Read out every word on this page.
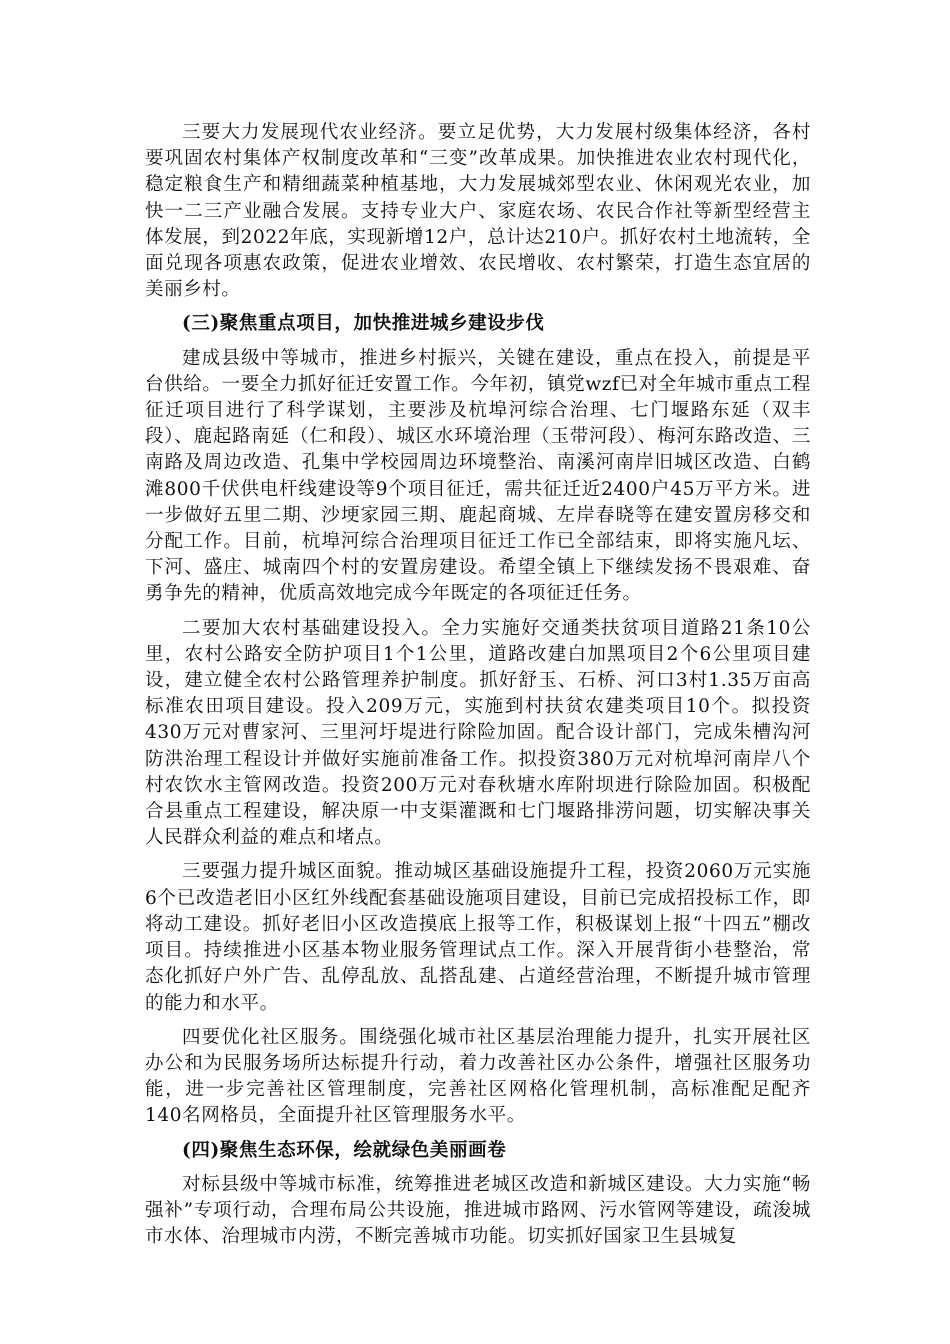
三要大力发展现代农业经济。要立足优势，大力发展村级集体经济，各村要巩固农村集体产权制度改革和“三变”改革成果。加快推进农业农村现代化，稳定粮食生产和精细蔬菜种植基地，大力发展城郊型农业、休闲观光农业，加快一二三产业融合发展。支持专业大户、家庭农场、农民合作社等新型经营主体发展，到2022年底，实现新增12户，总计达210户。抓好农村土地流转，全面兑现各项惠农政策，促进农业增效、农民增收、农村繁荣，打造生态宜居的美丽乡村。

(三)聚焦重点项目，加快推进城乡建设步伐

建成县级中等城市，推进乡村振兴，关键在建设，重点在投入，前提是平台供给。一要全力抓好征迁安置工作。今年初，镇党wzf已对全年城市重点工程征迁项目进行了科学谋划，主要涉及杭埠河综合治理、七门堰路东延（双丰段）、鹿起路南延（仁和段）、城区水环境治理（玉带河段）、梅河东路改造、三南路及周边改造、孔集中学校园周边环境整治、南溪河南岸旧城区改造、白鹤滩800千伏供电杆线建设等9个项目征迁，需共征迁近2400户45万平方米。进一步做好五里二期、沙埂家园三期、鹿起商城、左岸春晓等在建安置房移交和分配工作。目前，杭埠河综合治理项目征迁工作已全部结束，即将实施凡坛、下河、盛庄、城南四个村的安置房建设。希望全镇上下继续发扬不畏艰难、奋勇争先的精神，优质高效地完成今年既定的各项征迁任务。

二要加大农村基础建设投入。全力实施好交通类扶贫项目道路21条10公里，农村公路安全防护项目1个1公里，道路改建白加黑项目2个6公里项目建设，建立健全农村公路管理养护制度。抓好舒玉、石桥、河口3村1.35万亩高标准农田项目建设。投入209万元，实施到村扶贫农建类项目10个。拟投资430万元对曹家河、三里河圩堤进行除险加固。配合设计部门，完成朱槽沟河防洪治理工程设计并做好实施前准备工作。拟投资380万元对杭埠河南岸八个村农饮水主管网改造。投资200万元对春秋塘水库附坝进行除险加固。积极配合县重点工程建设，解决原一中支渠灌溉和七门堰路排涝问题，切实解决事关人民群众利益的难点和堵点。

三要强力提升城区面貌。推动城区基础设施提升工程，投资2060万元实施6个已改造老旧小区红外线配套基础设施项目建设，目前已完成招投标工作，即将动工建设。抓好老旧小区改造摸底上报等工作，积极谋划上报“十四五”棚改项目。持续推进小区基本物业服务管理试点工作。深入开展背街小巷整治，常态化抓好户外广告、乱停乱放、乱搭乱建、占道经营治理，不断提升城市管理的能力和水平。

四要优化社区服务。围绕强化城市社区基层治理能力提升，扎实开展社区办公和为民服务场所达标提升行动，着力改善社区办公条件，增强社区服务功能，进一步完善社区管理制度，完善社区网格化管理机制，高标准配足配齐140名网格员，全面提升社区管理服务水平。

(四)聚焦生态环保，绘就绿色美丽画卷

对标县级中等城市标准，统筹推进老城区改造和新城区建设。大力实施“畅强补”专项行动，合理布局公共设施，推进城市路网、污水管网等建设，疏浚城市水体、治理城市内涝，不断完善城市功能。切实抓好国家卫生县城复
